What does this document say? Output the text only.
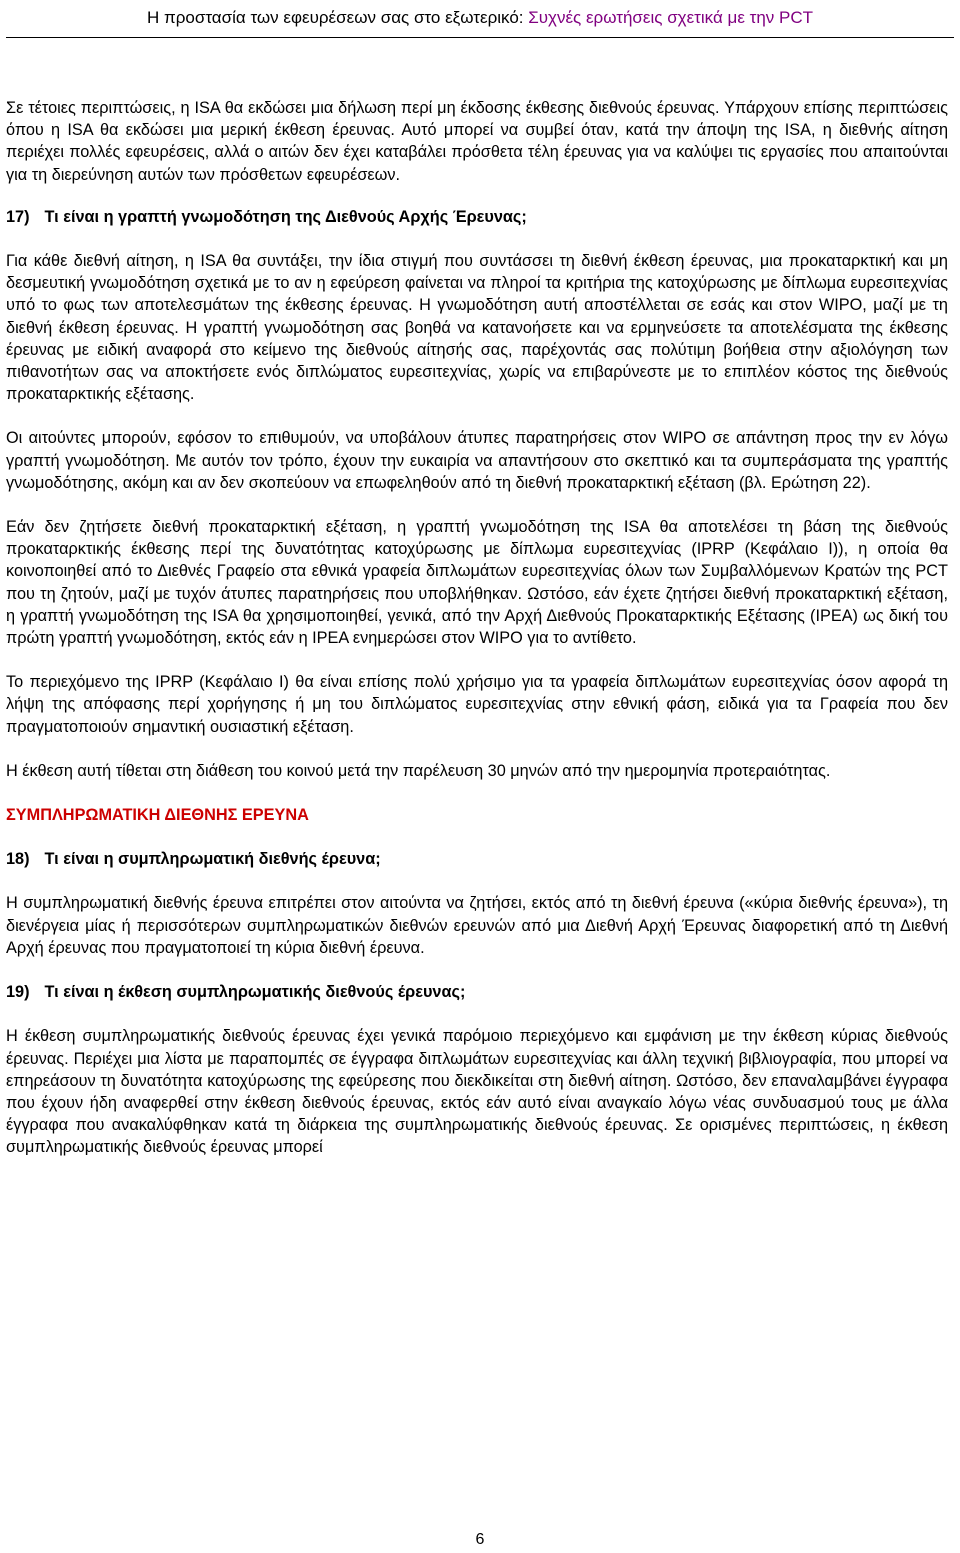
Η προστασία των εφευρέσεων σας στο εξωτερικό: Συχνές ερωτήσεις σχετικά με την PCT

Σε τέτοιες περιπτώσεις, η ISA θα εκδώσει μια δήλωση περί μη έκδοσης έκθεσης διεθνούς έρευνας. Υπάρχουν επίσης περιπτώσεις όπου η ISA θα εκδώσει μια μερική έκθεση έρευνας. Αυτό μπορεί να συμβεί όταν, κατά την άποψη της ISA, η διεθνής αίτηση περιέχει πολλές εφευρέσεις, αλλά ο αιτών δεν έχει καταβάλει πρόσθετα τέλη έρευνας για να καλύψει τις εργασίες που απαιτούνται για τη διερεύνηση αυτών των πρόσθετων εφευρέσεων.

17) Τι είναι η γραπτή γνωμοδότηση της Διεθνούς Αρχής Έρευνας;

Για κάθε διεθνή αίτηση, η ISA θα συντάξει, την ίδια στιγμή που συντάσσει τη διεθνή έκθεση έρευνας, μια προκαταρκτική και μη δεσμευτική γνωμοδότηση σχετικά με το αν η εφεύρεση φαίνεται να πληροί τα κριτήρια της κατοχύρωσης με δίπλωμα ευρεσιτεχνίας υπό το φως των αποτελεσμάτων της έκθεσης έρευνας. Η γνωμοδότηση αυτή αποστέλλεται σε εσάς και στον WIPO, μαζί με τη διεθνή έκθεση έρευνας. Η γραπτή γνωμοδότηση σας βοηθά να κατανοήσετε και να ερμηνεύσετε τα αποτελέσματα της έκθεσης έρευνας με ειδική αναφορά στο κείμενο της διεθνούς αίτησής σας, παρέχοντάς σας πολύτιμη βοήθεια στην αξιολόγηση των πιθανοτήτων σας να αποκτήσετε ενός διπλώματος ευρεσιτεχνίας, χωρίς να επιβαρύνεστε με το επιπλέον κόστος της διεθνούς προκαταρκτικής εξέτασης.

Οι αιτούντες μπορούν, εφόσον το επιθυμούν, να υποβάλουν άτυπες παρατηρήσεις στον WIPO σε απάντηση προς την εν λόγω γραπτή γνωμοδότηση. Με αυτόν τον τρόπο, έχουν την ευκαιρία να απαντήσουν στο σκεπτικό και τα συμπεράσματα της γραπτής γνωμοδότησης, ακόμη και αν δεν σκοπεύουν να επωφεληθούν από τη διεθνή προκαταρκτική εξέταση (βλ. Ερώτηση 22).

Εάν δεν ζητήσετε διεθνή προκαταρκτική εξέταση, η γραπτή γνωμοδότηση της ISA θα αποτελέσει τη βάση της διεθνούς προκαταρκτικής έκθεσης περί της δυνατότητας κατοχύρωσης με δίπλωμα ευρεσιτεχνίας (IPRP (Κεφάλαιο I)), η οποία θα κοινοποιηθεί από το Διεθνές Γραφείο στα εθνικά γραφεία διπλωμάτων ευρεσιτεχνίας όλων των Συμβαλλόμενων Κρατών της PCT που τη ζητούν, μαζί με τυχόν άτυπες παρατηρήσεις που υποβλήθηκαν. Ωστόσο, εάν έχετε ζητήσει διεθνή προκαταρκτική εξέταση, η γραπτή γνωμοδότηση της ISA θα χρησιμοποιηθεί, γενικά, από την Αρχή Διεθνούς Προκαταρκτικής Εξέτασης (IPEA) ως δική του πρώτη γραπτή γνωμοδότηση, εκτός εάν η IPEA ενημερώσει στον WIPO για το αντίθετο.

Το περιεχόμενο της IPRP (Κεφάλαιο I) θα είναι επίσης πολύ χρήσιμο για τα γραφεία διπλωμάτων ευρεσιτεχνίας όσον αφορά τη λήψη της απόφασης περί χορήγησης ή μη του διπλώματος ευρεσιτεχνίας στην εθνική φάση, ειδικά για τα Γραφεία που δεν πραγματοποιούν σημαντική ουσιαστική εξέταση.

Η έκθεση αυτή τίθεται στη διάθεση του κοινού μετά την παρέλευση 30 μηνών από την ημερομηνία προτεραιότητας.

ΣΥΜΠΛΗΡΩΜΑΤΙΚΗ ΔΙΕΘΝΗΣ ΕΡΕΥΝΑ
18) Τι είναι η συμπληρωματική διεθνής έρευνα;

Η συμπληρωματική διεθνής έρευνα επιτρέπει στον αιτούντα να ζητήσει, εκτός από τη διεθνή έρευνα («κύρια διεθνής έρευνα»), τη διενέργεια μίας ή περισσότερων συμπληρωματικών διεθνών ερευνών από μια Διεθνή Αρχή Έρευνας διαφορετική από τη Διεθνή Αρχή έρευνας που πραγματοποιεί τη κύρια διεθνή έρευνα.

19) Τι είναι η έκθεση συμπληρωματικής διεθνούς έρευνας;

Η έκθεση συμπληρωματικής διεθνούς έρευνας έχει γενικά παρόμοιο περιεχόμενο και εμφάνιση με την έκθεση κύριας διεθνούς έρευνας. Περιέχει μια λίστα με παραπομπές σε έγγραφα διπλωμάτων ευρεσιτεχνίας και άλλη τεχνική βιβλιογραφία, που μπορεί να επηρεάσουν τη δυνατότητα κατοχύρωσης της εφεύρεσης που διεκδικείται στη διεθνή αίτηση. Ωστόσο, δεν επαναλαμβάνει έγγραφα που έχουν ήδη αναφερθεί στην έκθεση διεθνούς έρευνας, εκτός εάν αυτό είναι αναγκαίο λόγω νέας συνδυασμού τους με άλλα έγγραφα που ανακαλύφθηκαν κατά τη διάρκεια της συμπληρωματικής διεθνούς έρευνας. Σε ορισμένες περιπτώσεις, η έκθεση συμπληρωματικής διεθνούς έρευνας μπορεί

6
